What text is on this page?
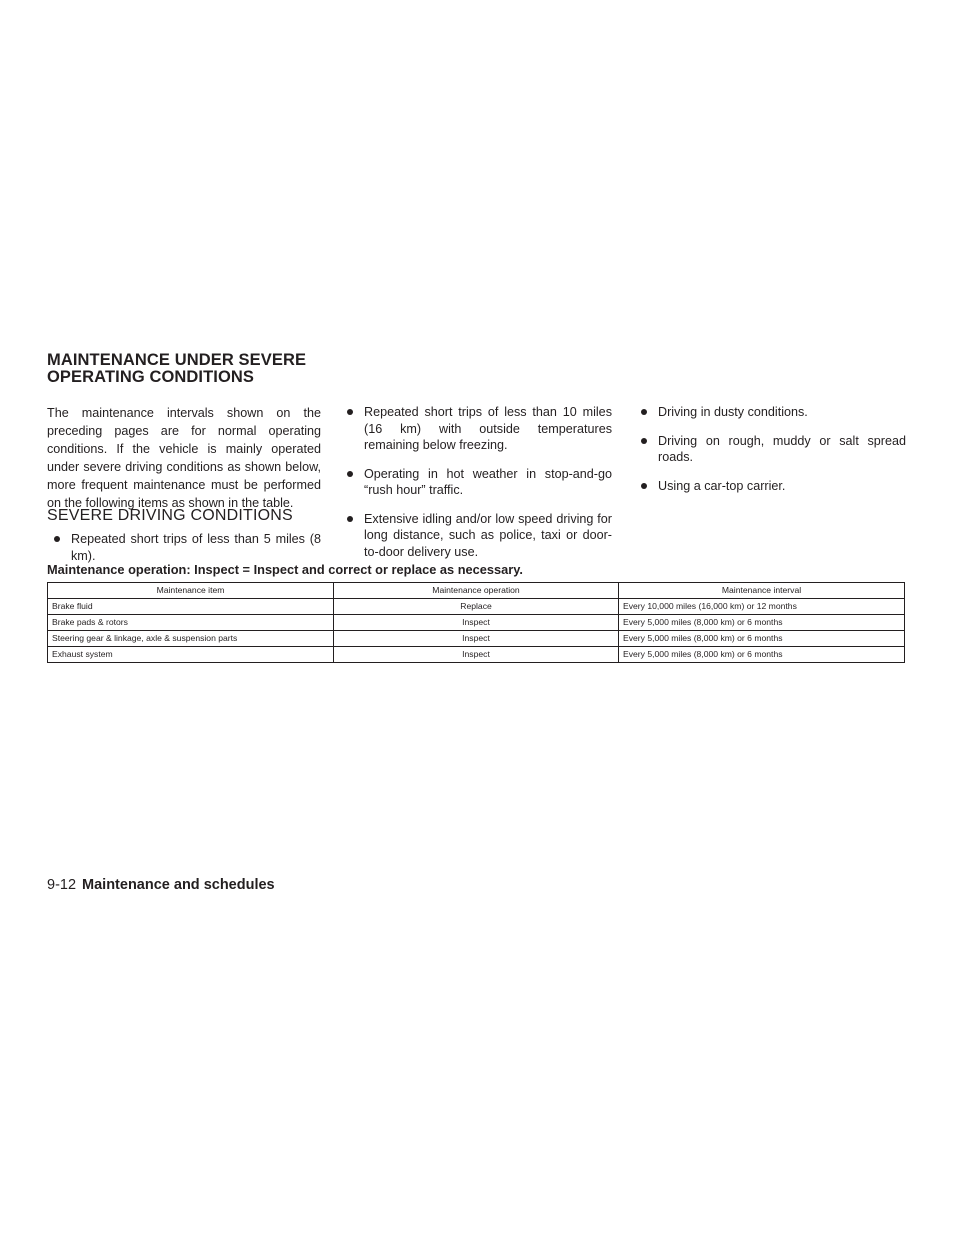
MAINTENANCE UNDER SEVERE
OPERATING CONDITIONS

The maintenance intervals shown on the preceding pages are for normal operating conditions. If the vehicle is mainly operated under severe driving conditions as shown below, more frequent maintenance must be performed on the following items as shown in the table.

SEVERE DRIVING CONDITIONS
Repeated short trips of less than 5 miles (8 km).
Repeated short trips of less than 10 miles (16 km) with outside temperatures remaining below freezing.
Operating in hot weather in stop-and-go “rush hour” traffic.
Extensive idling and/or low speed driving for long distance, such as police, taxi or door-to-door delivery use.
Driving in dusty conditions.
Driving on rough, muddy or salt spread roads.
Using a car-top carrier.

Maintenance operation: Inspect = Inspect and correct or replace as necessary.

Maintenance item	Maintenance operation	Maintenance interval
Brake fluid	Replace	Every 10,000 miles (16,000 km) or 12 months
Brake pads & rotors	Inspect	Every 5,000 miles (8,000 km) or 6 months
Steering gear & linkage, axle & suspension parts	Inspect	Every 5,000 miles (8,000 km) or 6 months
Exhaust system	Inspect	Every 5,000 miles (8,000 km) or 6 months

9-12 Maintenance and schedules
